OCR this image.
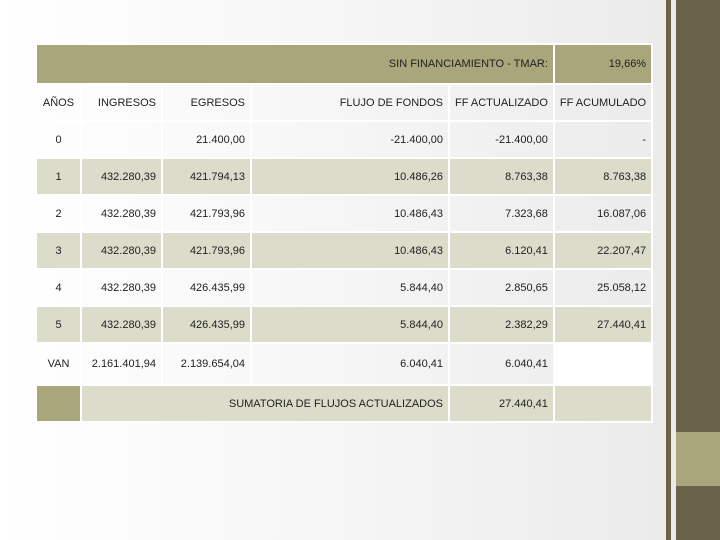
SIN FINANCIAMIENTO - TMAR:					19,66%
AÑOS	INGRESOS	EGRESOS	FLUJO DE FONDOS	FF ACTUALIZADO	FF ACUMULADO
0		21.400,00	-21.400,00	-21.400,00	-
1	432.280,39	421.794,13	10.486,26	8.763,38	8.763,38
2	432.280,39	421.793,96	10.486,43	7.323,68	16.087,06
3	432.280,39	421.793,96	10.486,43	6.120,41	22.207,47
4	432.280,39	426.435,99	5.844,40	2.850,65	25.058,12
5	432.280,39	426.435,99	5.844,40	2.382,29	27.440,41
VAN	2.161.401,94	2.139.654,04	6.040,41	6.040,41	
	SUMATORIA DE FLUJOS ACTUALIZADOS			27.440,41	
